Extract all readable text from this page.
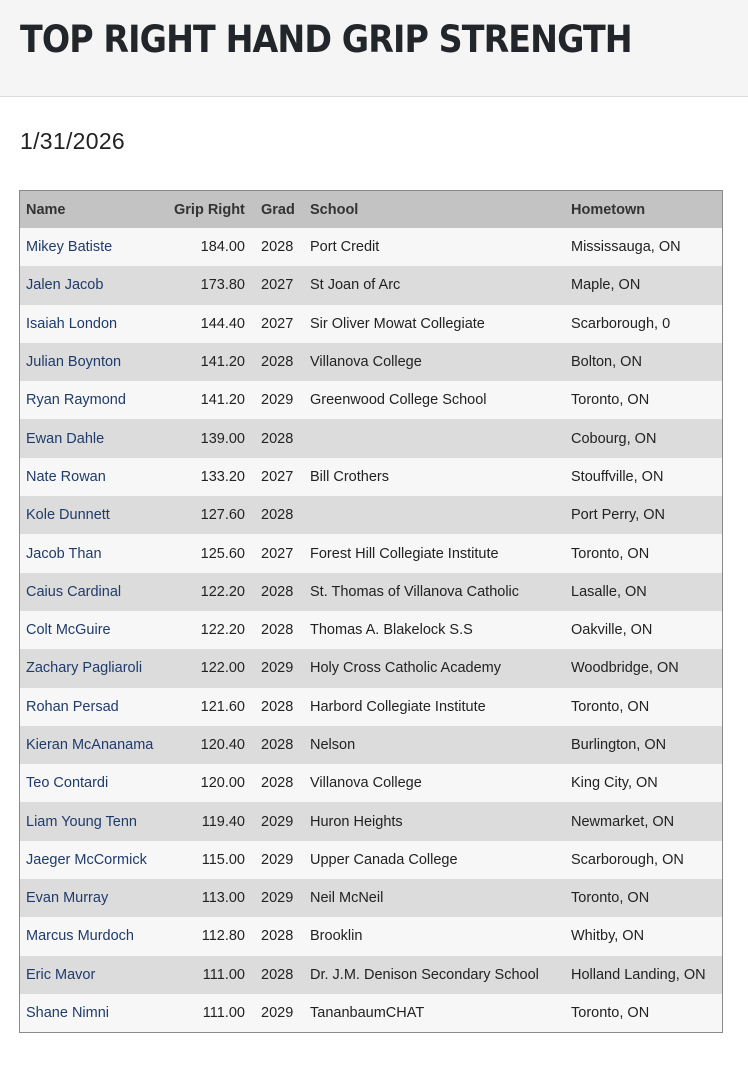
TOP RIGHT HAND GRIP STRENGTH
1/31/2026
Name	Grip Right	Grad	School	Hometown
Mikey Batiste	184.00	2028	Port Credit	Mississauga, ON
Jalen Jacob	173.80	2027	St Joan of Arc	Maple, ON
Isaiah London	144.40	2027	Sir Oliver Mowat Collegiate	Scarborough, 0
Julian Boynton	141.20	2028	Villanova College	Bolton, ON
Ryan Raymond	141.20	2029	Greenwood College School	Toronto, ON
Ewan Dahle	139.00	2028		Cobourg, ON
Nate Rowan	133.20	2027	Bill Crothers	Stouffville, ON
Kole Dunnett	127.60	2028		Port Perry, ON
Jacob Than	125.60	2027	Forest Hill Collegiate Institute	Toronto, ON
Caius Cardinal	122.20	2028	St. Thomas of Villanova Catholic	Lasalle, ON
Colt McGuire	122.20	2028	Thomas A. Blakelock S.S	Oakville, ON
Zachary Pagliaroli	122.00	2029	Holy Cross Catholic Academy	Woodbridge, ON
Rohan Persad	121.60	2028	Harbord Collegiate Institute	Toronto, ON
Kieran McAnanama	120.40	2028	Nelson	Burlington, ON
Teo Contardi	120.00	2028	Villanova College	King City, ON
Liam Young Tenn	119.40	2029	Huron Heights	Newmarket, ON
Jaeger McCormick	115.00	2029	Upper Canada College	Scarborough, ON
Evan Murray	113.00	2029	Neil McNeil	Toronto, ON
Marcus Murdoch	112.80	2028	Brooklin	Whitby, ON
Eric Mavor	111.00	2028	Dr. J.M. Denison Secondary School	Holland Landing, ON
Shane Nimni	111.00	2029	TananbaumCHAT	Toronto, ON
